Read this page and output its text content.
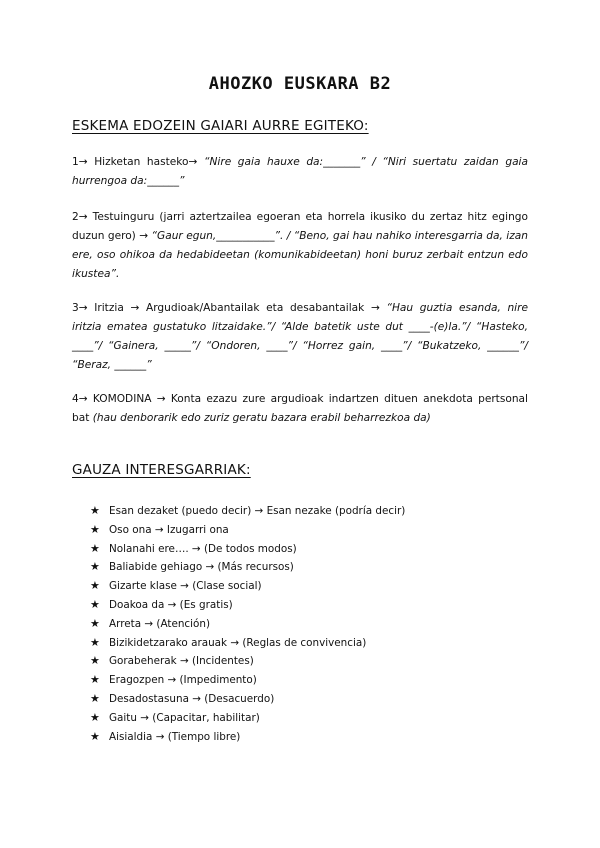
AHOZKO EUSKARA B2
ESKEMA EDOZEIN GAIARI AURRE EGITEKO:

1→ Hizketan hasteko→ “Nire gaia hauxe da:_______” / “Niri suertatu zaidan gaia hurrengoa da:______”

2→ Testuinguru (jarri aztertzailea egoeran eta horrela ikusiko du zertaz hitz egingo duzun gero) → “Gaur egun,___________”. / “Beno, gai hau nahiko interesgarria da, izan ere, oso ohikoa da hedabideetan (komunikabideetan) honi buruz zerbait entzun edo ikustea”.

3→ Iritzia → Argudioak/Abantailak eta desabantailak → “Hau guztia esanda, nire iritzia ematea gustatuko litzaidake.”/ “Alde batetik uste dut ____-(e)la.”/ “Hasteko, ____”/ “Gainera, _____”/ “Ondoren, ____”/ “Horrez gain, ____”/ “Bukatzeko, ______”/ “Beraz, ______”

4→ KOMODINA → Konta ezazu zure argudioak indartzen dituen anekdota pertsonal bat (hau denborarik edo zuriz geratu bazara erabil beharrezkoa da)

GAUZA INTERESGARRIAK:
★ Esan dezaket (puedo decir) → Esan nezake (podría decir)
★ Oso ona → Izugarri ona
★ Nolanahi ere…. → (De todos modos)
★ Baliabide gehiago → (Más recursos)
★ Gizarte klase → (Clase social)
★ Doakoa da → (Es gratis)
★ Arreta → (Atención)
★ Bizikidetzarako arauak → (Reglas de convivencia)
★ Gorabeherak → (Incidentes)
★ Eragozpen → (Impedimento)
★ Desadostasuna → (Desacuerdo)
★ Gaitu → (Capacitar, habilitar)
★ Aisialdia → (Tiempo libre)
